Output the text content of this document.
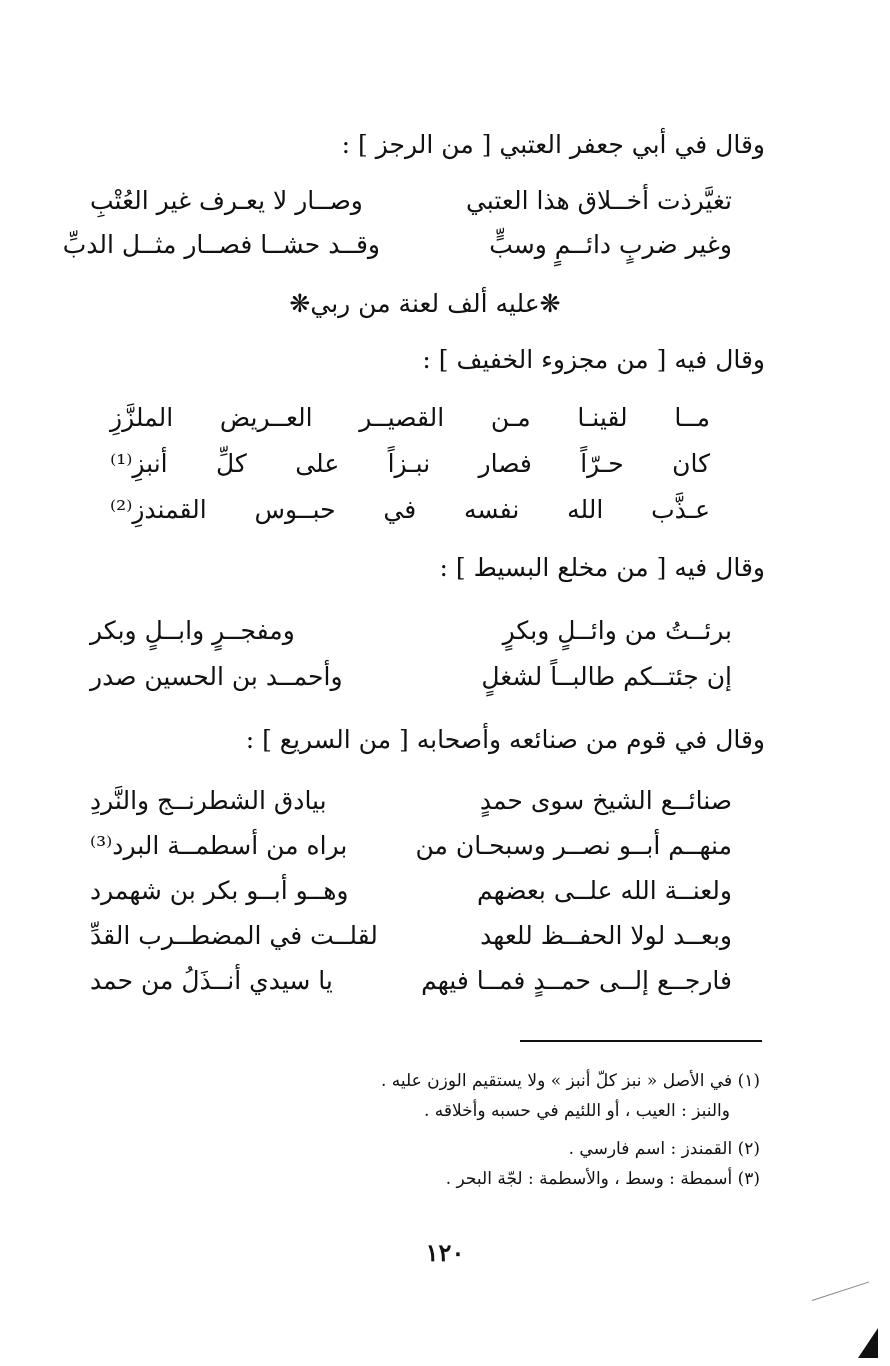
وقال في أبي جعفر العتبي [ من الرجز ] :
تغيَّرذت أخــلاق هذا العتبي
وصــار لا يعـرف غير العُتْبِ
وغير ضربٍ دائــمٍ وسبٍّ
وقــد حشــا فصــار مثــل الدبِّ
❋عليه ألف لعنة من ربي❋
وقال فيه [ من مجزوء الخفيف ] :
مــا
لقينـا
مـن
القصيــر
العــريض
الملزَّزِ
كان
حـرّاً
فصار
نبـزاً
على
كلِّ
أنبزِ⁽¹⁾
عـذَّب
الله
نفسه
في
حبــوس
القمندزِ⁽²⁾
وقال فيه [ من مخلع البسيط ] :
برئــتُ من وائــلٍ وبكرٍ
ومفجــرٍ وابــلٍ وبكر
إن جئتــكم طالبــاً لشغلٍ
وأحمــد بن الحسين صدر
وقال في قوم من صنائعه وأصحابه [ من السريع ] :
صنائــع الشيخ سوى حمدٍ
بيادق الشطرنــج والنَّردِ
منهــم أبــو نصــر وسبحـان من
براه من أسطمــة البرد⁽³⁾
ولعنــة الله علــى بعضهم
وهــو أبــو بكر بن شهمرد
وبعــد لولا الحفــظ للعهد
لقلــت في المضطــرب القدِّ
فارجــع إلــى حمــدٍ فمــا فيهم
يا سيدي أنــذَلُ من حمد
(١) في الأصل « نبز كلّ أنبز » ولا يستقيم الوزن عليه .
والنبز : العيب ، أو اللئيم في حسبه وأخلاقه .
(٢) القمندز : اسم فارسي .
(٣) أسمطة : وسط ، والأسطمة : لجّة البحر .
١٢٠
